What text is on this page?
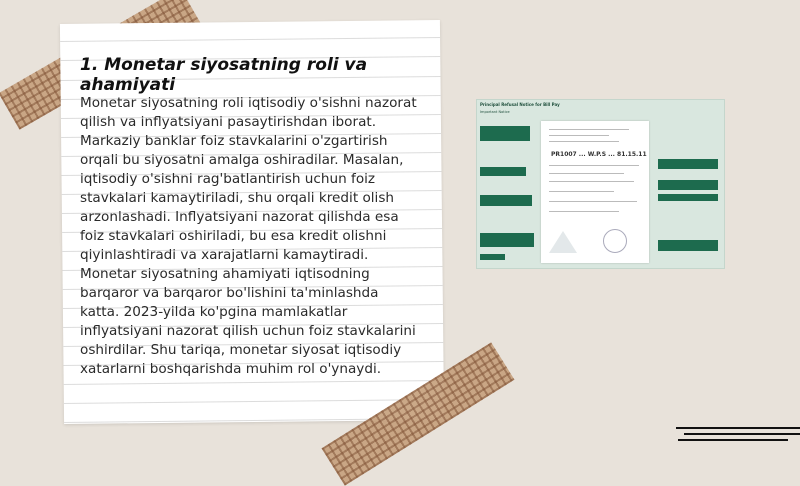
1. Monetar siyosatning roli va ahamiyati
Monetar siyosatning roli iqtisodiy o'sishni nazorat qilish va inflyatsiyani pasaytirishdan iborat. Markaziy banklar foiz stavkalarini o'zgartirish orqali bu siyosatni amalga oshiradilar. Masalan, iqtisodiy o'sishni rag'batlantirish uchun foiz stavkalari kamaytiriladi, shu orqali kredit olish arzonlashadi. Inflyatsiyani nazorat qilishda esa foiz stavkalari oshiriladi, bu esa kredit olishni qiyinlashtiradi va xarajatlarni kamaytiradi. Monetar siyosatning ahamiyati iqtisodning barqaror va barqaror bo'lishini ta'minlashda katta. 2023-yilda ko'pgina mamlakatlar inflyatsiyani nazorat qilish uchun foiz stavkalarini oshirdilar. Shu tariqa, monetar siyosat iqtisodiy xatarlarni boshqarishda muhim rol o'ynaydi.
Principal Refusal Notice for Bill Pay
Important Notice
PR1007 ... W.P.S ... 81.15.11
